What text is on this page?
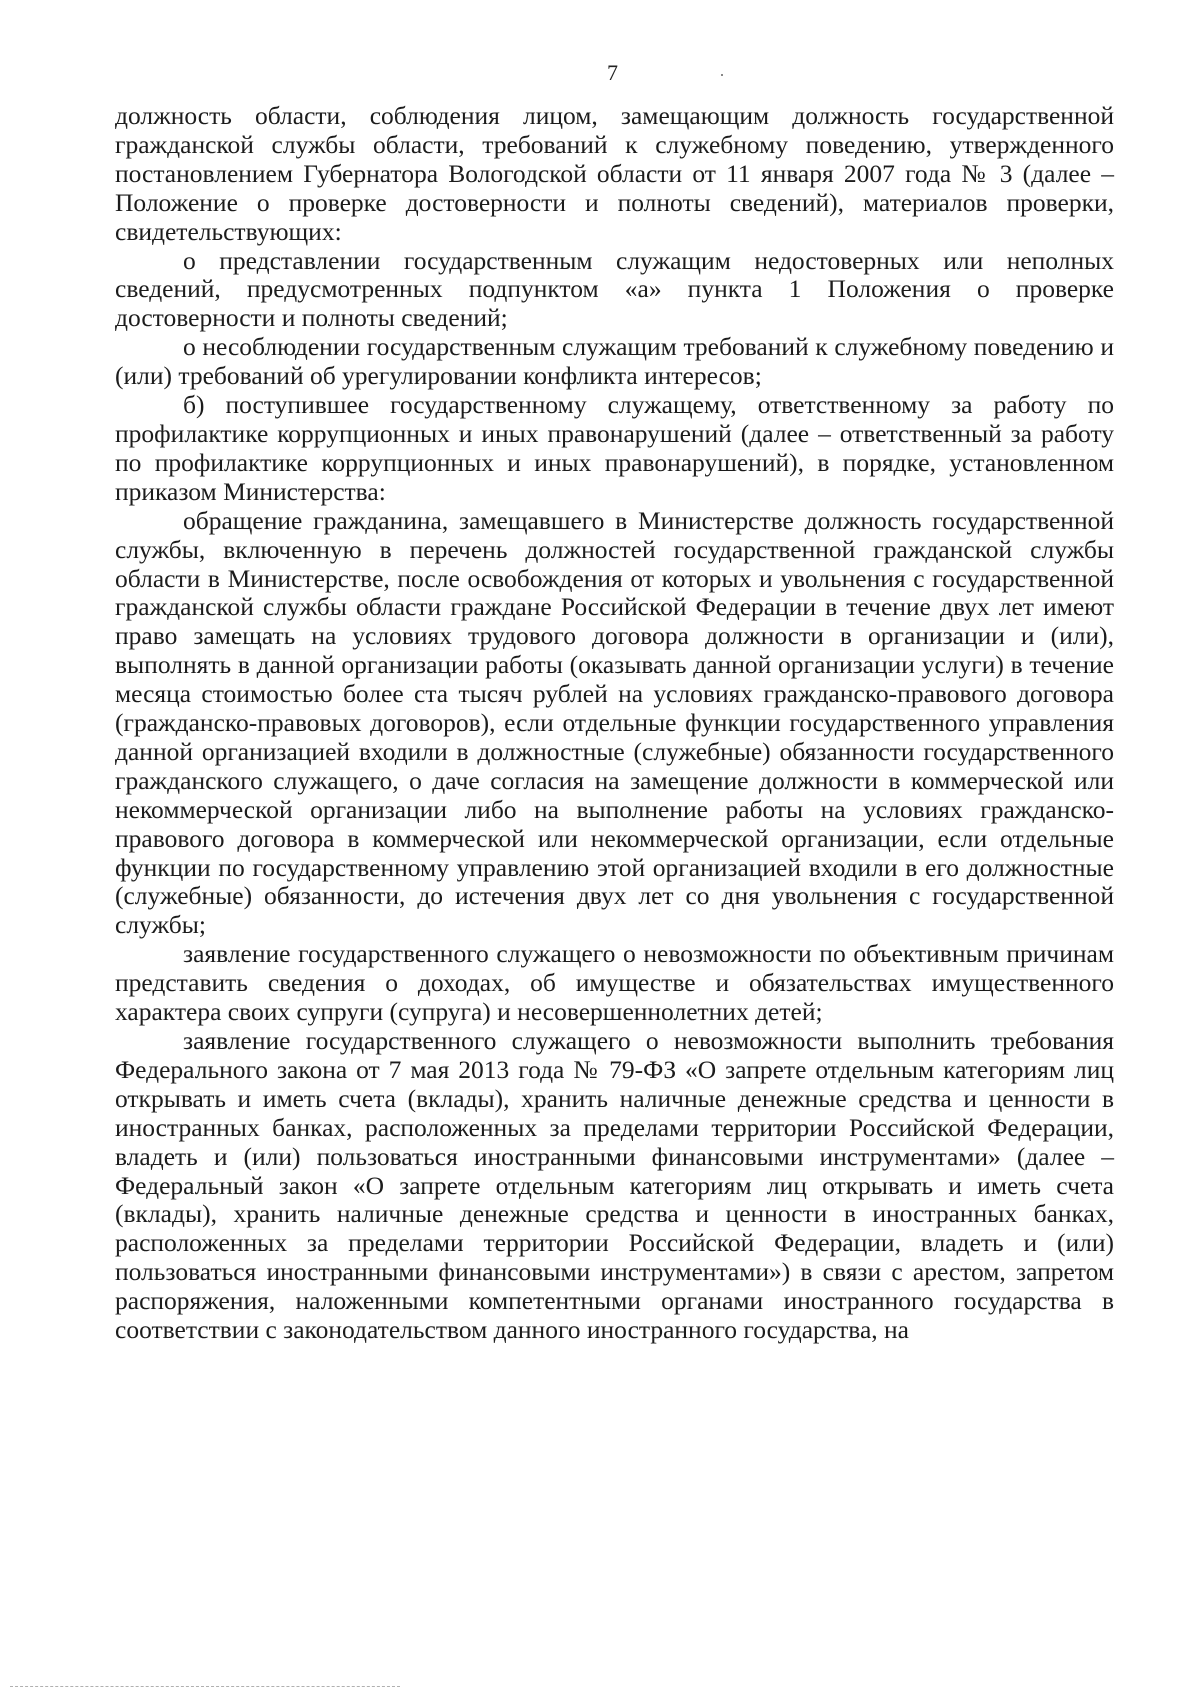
7

должность области, соблюдения лицом, замещающим должность государственной гражданской службы области, требований к служебному поведению, утвержденного постановлением Губернатора Вологодской области от 11 января 2007 года № 3 (далее – Положение о проверке достоверности и полноты сведений), материалов проверки, свидетельствующих:

о представлении государственным служащим недостоверных или неполных сведений, предусмотренных подпунктом «а» пункта 1 Положения о проверке достоверности и полноты сведений;

о несоблюдении государственным служащим требований к служебному поведению и (или) требований об урегулировании конфликта интересов;

б) поступившее государственному служащему, ответственному за работу по профилактике коррупционных и иных правонарушений (далее – ответственный за работу по профилактике коррупционных и иных правонарушений), в порядке, установленном приказом Министерства:

обращение гражданина, замещавшего в Министерстве должность государственной службы, включенную в перечень должностей государственной гражданской службы области в Министерстве, после освобождения от которых и увольнения с государственной гражданской службы области граждане Российской Федерации в течение двух лет имеют право замещать на условиях трудового договора должности в организации и (или), выполнять в данной организации работы (оказывать данной организации услуги) в течение месяца стоимостью более ста тысяч рублей на условиях гражданско-правового договора (гражданско-правовых договоров), если отдельные функции государственного управления данной организацией входили в должностные (служебные) обязанности государственного гражданского служащего, о даче согласия на замещение должности в коммерческой или некоммерческой организации либо на выполнение работы на условиях гражданско-правового договора в коммерческой или некоммерческой организации, если отдельные функции по государственному управлению этой организацией входили в его должностные (служебные) обязанности, до истечения двух лет со дня увольнения с государственной службы;

заявление государственного служащего о невозможности по объективным причинам представить сведения о доходах, об имуществе и обязательствах имущественного характера своих супруги (супруга) и несовершеннолетних детей;

заявление государственного служащего о невозможности выполнить требования Федерального закона от 7 мая 2013 года № 79-ФЗ «О запрете отдельным категориям лиц открывать и иметь счета (вклады), хранить наличные денежные средства и ценности в иностранных банках, расположенных за пределами территории Российской Федерации, владеть и (или) пользоваться иностранными финансовыми инструментами» (далее – Федеральный закон «О запрете отдельным категориям лиц открывать и иметь счета (вклады), хранить наличные денежные средства и ценности в иностранных банках, расположенных за пределами территории Российской Федерации, владеть и (или) пользоваться иностранными финансовыми инструментами») в связи с арестом, запретом распоряжения, наложенными компетентными органами иностранного государства в соответствии с законодательством данного иностранного государства, на
